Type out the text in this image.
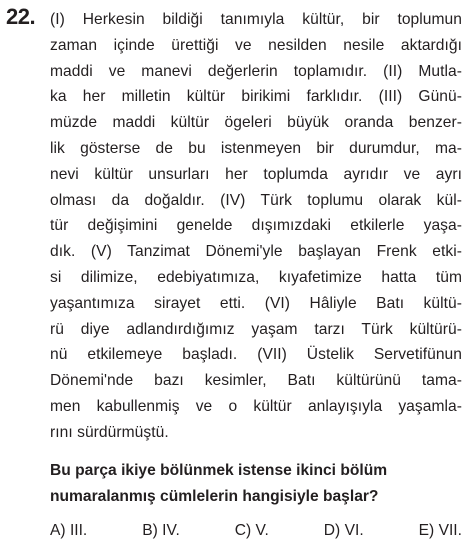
22. (I) Herkesin bildiği tanımıyla kültür, bir toplumun
zaman içinde ürettiği ve nesilden nesile aktardığı
maddi ve manevi değerlerin toplamıdır. (II) Mutla-
ka her milletin kültür birikimi farklıdır. (III) Günü-
müzde maddi kültür ögeleri büyük oranda benzer-
lik gösterse de bu istenmeyen bir durumdur, ma-
nevi kültür unsurları her toplumda ayrıdır ve ayrı
olması da doğaldır. (IV) Türk toplumu olarak kül-
tür değişimini genelde dışımızdaki etkilerle yaşa-
dık. (V) Tanzimat Dönemi'yle başlayan Frenk etki-
si dilimize, edebiyatımıza, kıyafetimize hatta tüm
yaşantımıza sirayet etti. (VI) Hâliyle Batı kültü-
rü diye adlandırdığımız yaşam tarzı Türk kültürü-
nü etkilemeye başladı. (VII) Üstelik Servetifünun
Dönemi'nde bazı kesimler, Batı kültürünü tama-
men kabullenmiş ve o kültür anlayışıyla yaşamla-
rını sürdürmüştü.
Bu parça ikiye bölünmek istense ikinci bölüm
numaralanmış cümlelerin hangisiyle başlar?
A) III.	B) IV.	C) V.	D) VI.	E) VII.
